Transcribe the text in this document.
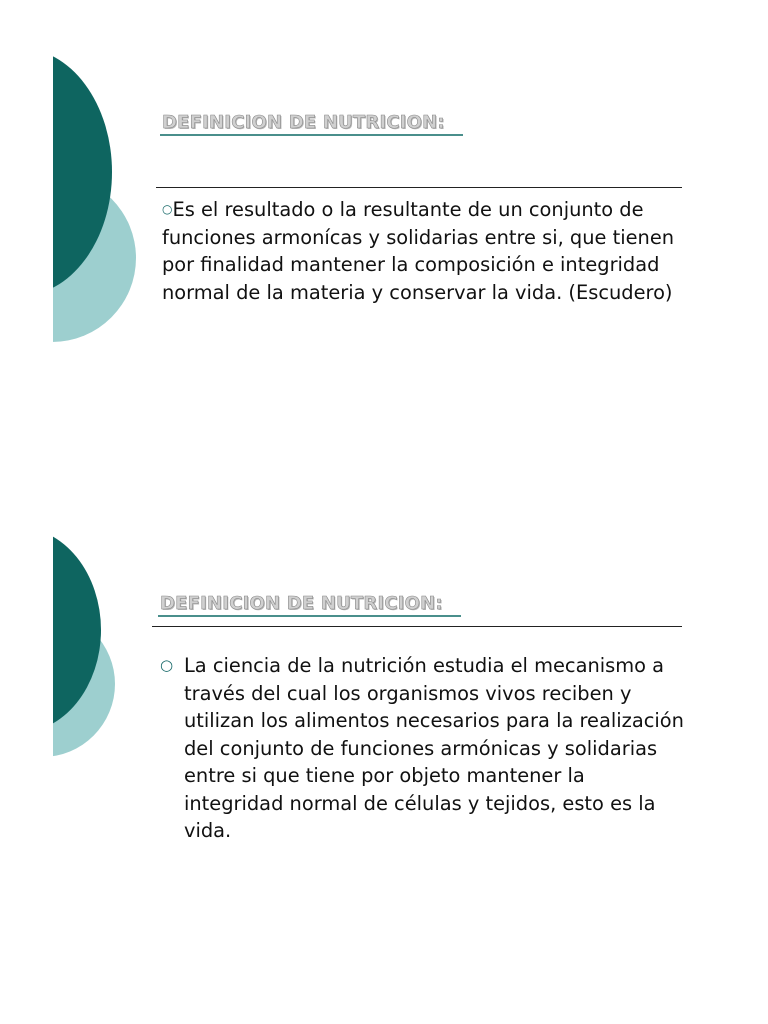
DEFINICION DE NUTRICION:
○Es el resultado o la resultante de un conjunto de funciones armonícas y solidarias entre si, que tienen por finalidad mantener la composición e integridad normal de la materia y conservar la vida. (Escudero)
DEFINICION DE NUTRICION:
○ La ciencia de la nutrición estudia el mecanismo a través del cual los organismos vivos reciben y utilizan los alimentos necesarios para la realización del conjunto de funciones armónicas y solidarias entre si que tiene por objeto mantener la integridad normal de células y tejidos, esto es la vida.
